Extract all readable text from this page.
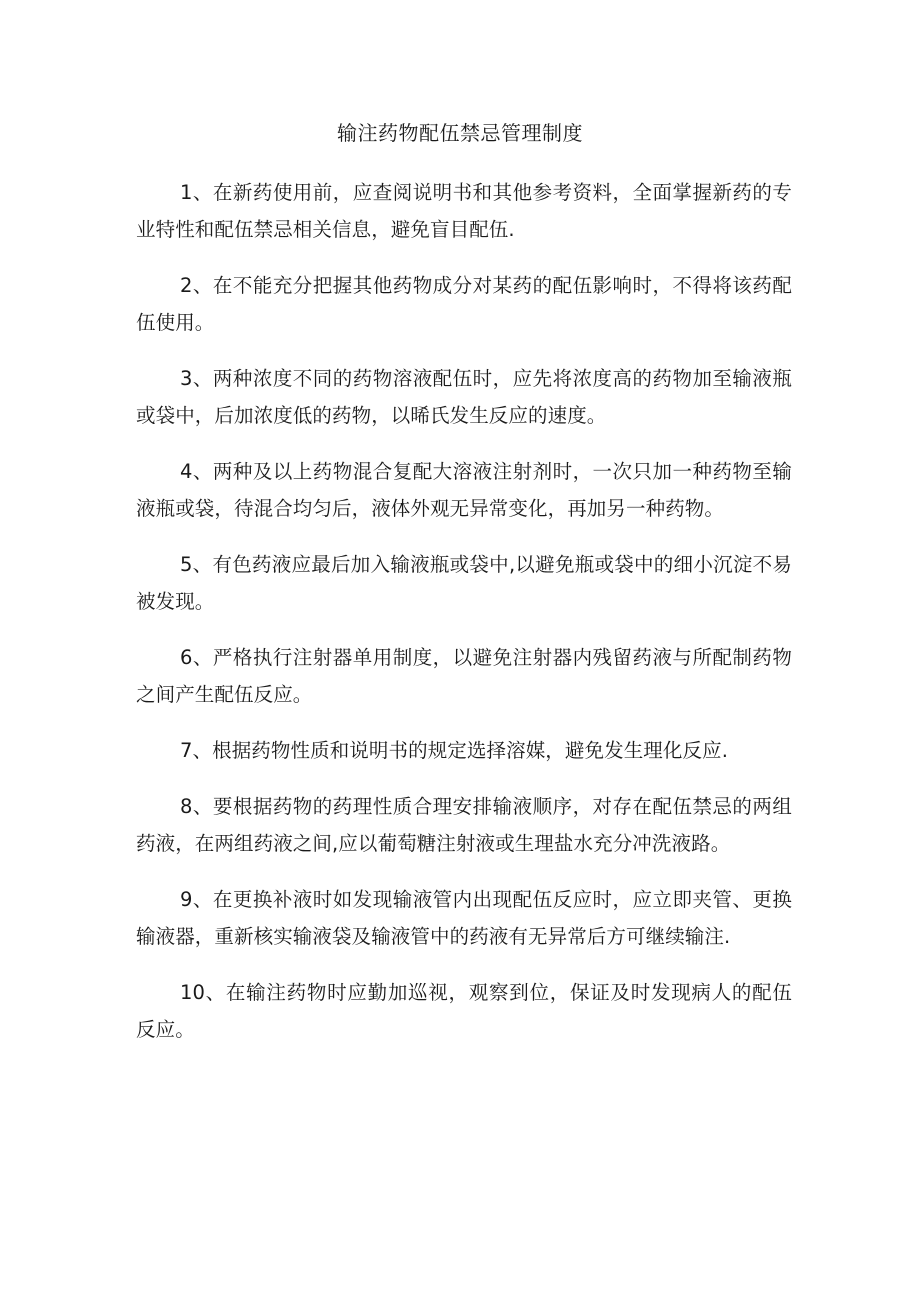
输注药物配伍禁忌管理制度
1、在新药使用前，应查阅说明书和其他参考资料，全面掌握新药的专业特性和配伍禁忌相关信息，避免盲目配伍.
2、在不能充分把握其他药物成分对某药的配伍影响时，不得将该药配伍使用。
3、两种浓度不同的药物溶液配伍时，应先将浓度高的药物加至输液瓶或袋中，后加浓度低的药物，以晞氏发生反应的速度。
4、两种及以上药物混合复配大溶液注射剂时，一次只加一种药物至输液瓶或袋，待混合均匀后，液体外观无异常变化，再加另一种药物。
5、有色药液应最后加入输液瓶或袋中,以避免瓶或袋中的细小沉淀不易被发现。
6、严格执行注射器单用制度，以避免注射器内残留药液与所配制药物之间产生配伍反应。
7、根据药物性质和说明书的规定选择溶媒，避免发生理化反应.
8、要根据药物的药理性质合理安排输液顺序，对存在配伍禁忌的两组药液，在两组药液之间,应以葡萄糖注射液或生理盐水充分冲洗液路。
9、在更换补液时如发现输液管内出现配伍反应时，应立即夹管、更换输液器，重新核实输液袋及输液管中的药液有无异常后方可继续输注.
10、在输注药物时应勤加巡视，观察到位，保证及时发现病人的配伍反应。
